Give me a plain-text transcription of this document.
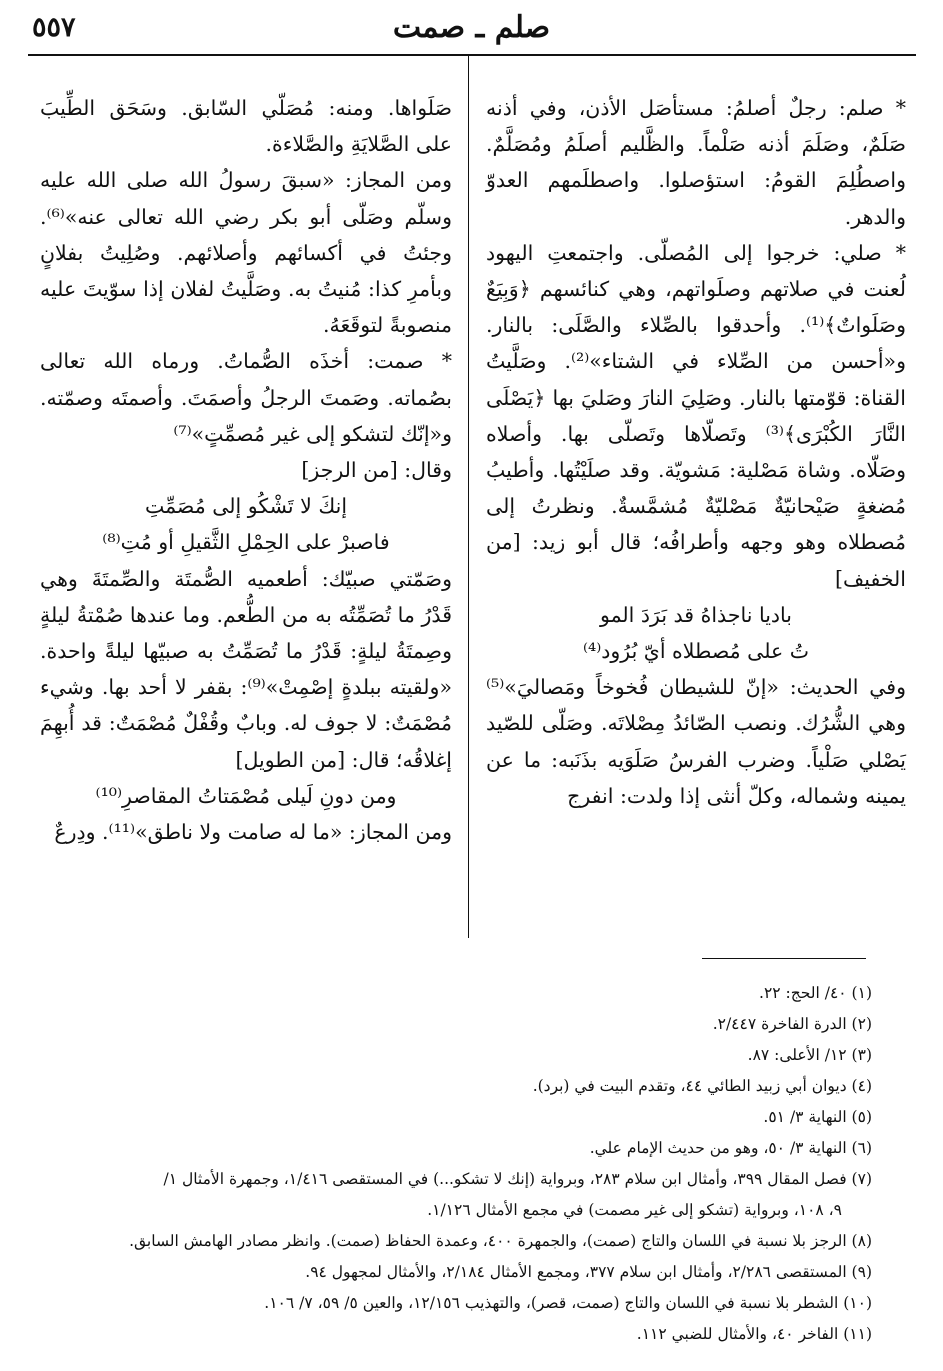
٥٥٧	صلم ـ صمت

* صلم: رجلٌ أصلمُ: مستأصَل الأذن، وفي أذنه صَلَمٌ، وصَلَمَ أذنه صَلْماً. والظَّليم أصلَمُ ومُصَلَّمٌ. واصطُلِمَ القومُ: استؤصلوا. واصطلَمهم العدوّ والدهر.

* صلي: خرجوا إلى المُصلّى. واجتمعتِ اليهود لُعنت في صلاتهم وصلَواتهم، وهي كنائسهم ﴿وَبِيَعٌ وصَلَواتٌ﴾⁽¹⁾. وأحدقوا بالصِّلاء والصَّلَى: بالنار. و«أحسن من الصِّلاء في الشتاء»⁽²⁾. وصَلَّيتُ القناة: قوّمتها بالنار. وصَلِيَ النارَ وصَليَ بها ﴿يَصْلَى النَّارَ الكُبْرَى﴾⁽³⁾ وتَصلّاها وتَصلّى بها. وأصلاه وصَلّاه. وشاة مَصْلية: مَشويّة. وقد صلَيْتُها. وأطيبُ مُضغةٍ صَيْحانيّةٌ مَصْليّةٌ مُشمَّسةٌ. ونظرتُ إلى مُصطلاه وهو وجهه وأطرافُه؛ قال أبو زيد: [من الخفيف]

باديا ناجذاهُ قد بَرَدَ المو

تُ على مُصطلاه أيّ بُرُود⁽⁴⁾

وفي الحديث: «إنّ للشيطان فُخوخاً ومَصاليَ»⁽⁵⁾ وهي الشُّرُك. ونصب الصّائدُ مِصْلاتَه. وصَلّى للصّيد يَصْلي صَلْياً. وضرب الفرسُ صَلَوَيه بذَنَبه: ما عن يمينه وشماله، وكلّ أنثى إذا ولدت: انفرج

صَلَواها. ومنه: مُصَلّي السّابق. وسَحَق الطِّيبَ على الصَّلايَةِ والصَّلاءة.

ومن المجاز: «سبقَ رسولُ الله صلى الله عليه وسلّم وصَلّى أبو بكر رضي الله تعالى عنه»⁽⁶⁾. وجئتُ في أكسائهم وأصلائهم. وصُلِيتُ بفلانٍ وبأمرِ كذا: مُنيتُ به. وصَلَّيتُ لفلان إذا سوّيتَ عليه منصوبةً لتوقَعَهُ.

* صمت: أخذَه الصُّماتُ. ورماه الله تعالى بصُماته. وصَمتَ الرجلُ وأصمَتَ. وأصمتَه وصمّته. و«إنّك لتشكو إلى غير مُصمِّتٍ»⁽⁷⁾

وقال: [من الرجز]

إنكَ لا تَشْكُو إلى مُصَمِّتِ

فاصبرْ على الحِمْلِ الثَّقيلِ أو مُتِ⁽⁸⁾

وصَمّتي صبيّك: أطعميه الصُّمتَة والصِّمتَةَ وهي قَدْرُ ما تُصَمِّتُه به من الطُّعم. وما عندها صُمْتةُ ليلةٍ وصِمتَةُ ليلةٍ: قَدْرُ ما تُصَمِّتُ به صبيّها ليلةً واحدة. «ولقيته ببلدةٍ إصْمِتْ»⁽⁹⁾: بقفر لا أحد بها. وشيء مُصْمَتٌ: لا جوف له. وبابٌ وقُفْلٌ مُصْمَتٌ: قد أُبهِمَ إغلاقُه؛ قال: [من الطويل]

ومن دونِ لَيلى مُصْمَتاتُ المقاصرِ⁽¹⁰⁾

ومن المجاز: «ما له صامت ولا ناطق»⁽¹¹⁾. ودِرعٌ

(١) ٤٠/ الحج: ٢٢.

(٢) الدرة الفاخرة ٢/٤٤٧.

(٣) ١٢/ الأعلى: ٨٧.

(٤) ديوان أبي زبيد الطائي ٤٤، وتقدم البيت في (برد).

(٥) النهاية ٣/ ٥١.

(٦) النهاية ٣/ ٥٠، وهو من حديث الإمام علي.

(٧) فصل المقال ٣٩٩، وأمثال ابن سلام ٢٨٣، وبرواية (إنك لا تشكو...) في المستقصى ١/٤١٦، وجمهرة الأمثال ١/

٩، ١٠٨، وبرواية (تشكو إلى غير مصمت) في مجمع الأمثال ١/١٢٦.

(٨) الرجز بلا نسبة في اللسان والتاج (صمت)، والجمهرة ٤٠٠، وعمدة الحفاظ (صمت). وانظر مصادر الهامش السابق.

(٩) المستقصى ٢/٢٨٦، وأمثال ابن سلام ٣٧٧، ومجمع الأمثال ٢/١٨٤، والأمثال لمجهول ٩٤.

(١٠) الشطر بلا نسبة في اللسان والتاج (صمت، قصر)، والتهذيب ١٢/١٥٦، والعين ٥/ ٥٩، ٧/ ١٠٦.

(١١) الفاخر ٤٠، والأمثال للضبي ١١٢.
